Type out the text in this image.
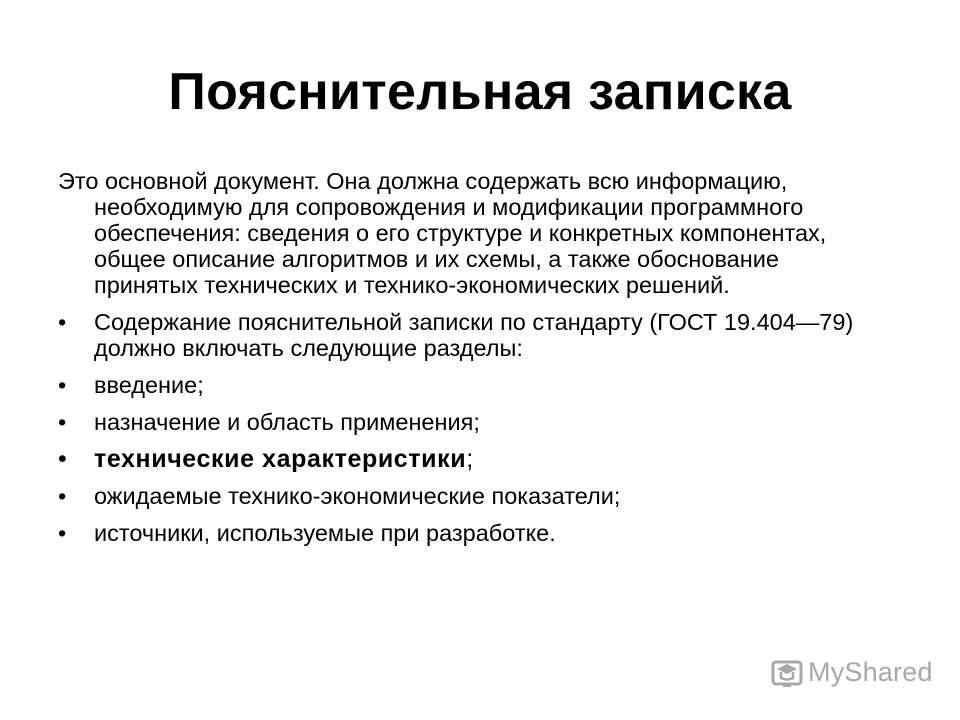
Пояснительная записка

Это основной документ. Она должна содержать всю информацию, необходимую для сопровождения и модификации программного обеспечения: сведения о его структуре и конкретных компонентах, общее описание алгоритмов и их схемы, а также обоснование принятых технических и технико-экономических решений.

•	Содержание пояснительной записки по стандарту (ГОСТ 19.404—79) должно включать следующие разделы:
•	введение;
•	назначение и область применения;
•	технические характеристики;
•	ожидаемые технико-экономические показатели;
•	источники, используемые при разработке.
MyShared
